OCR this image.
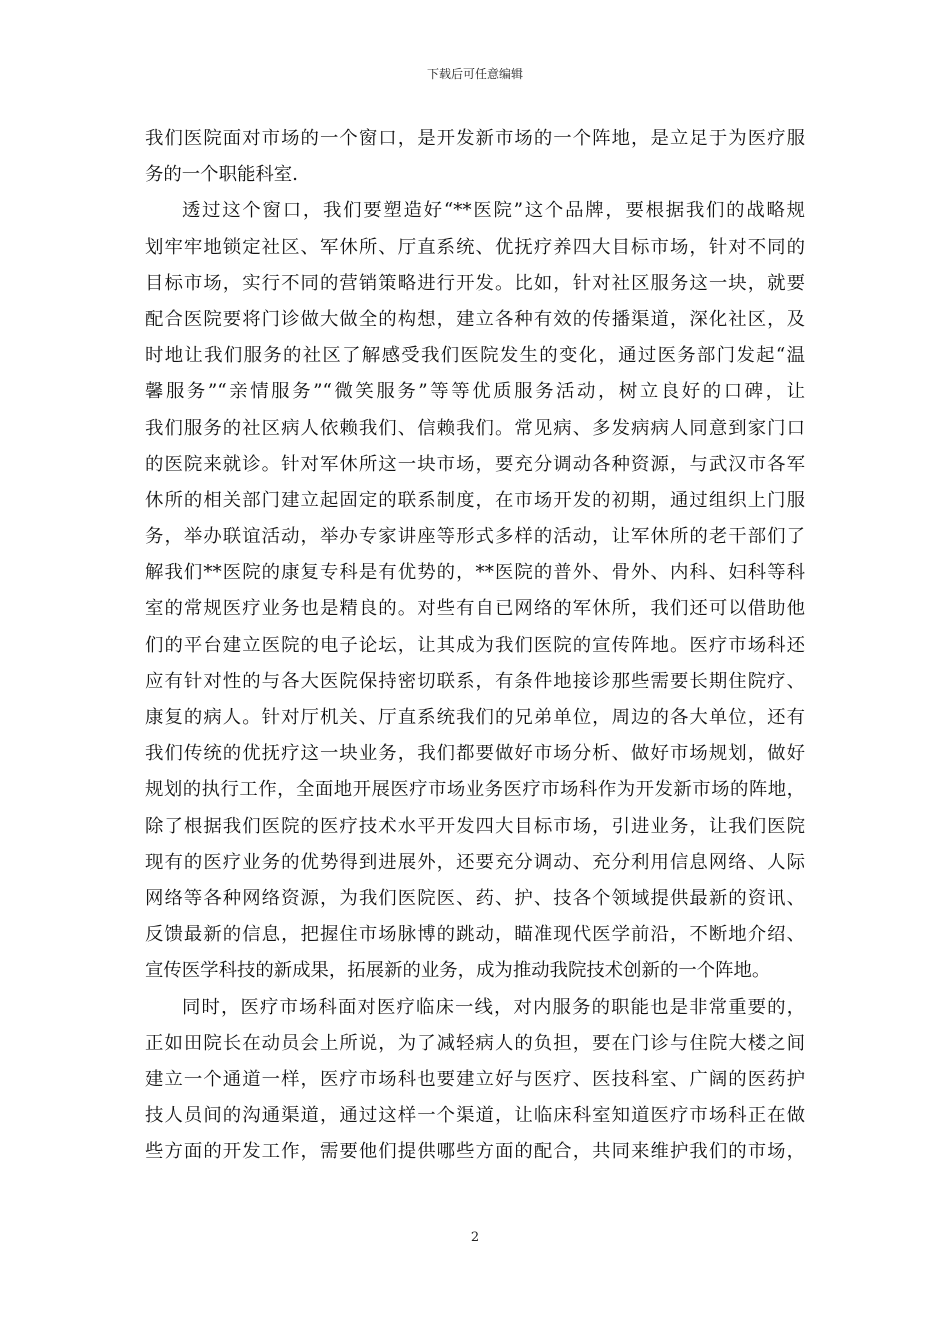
下载后可任意编辑
我们医院面对市场的一个窗口，是开发新市场的一个阵地，是立足于为医疗服
务的一个职能科室.
透过这个窗口，我们要塑造好“**医院”这个品牌，要根据我们的战略规
划牢牢地锁定社区、军休所、厅直系统、优抚疗养四大目标市场，针对不同的
目标市场，实行不同的营销策略进行开发。比如，针对社区服务这一块，就要
配合医院要将门诊做大做全的构想，建立各种有效的传播渠道，深化社区，及
时地让我们服务的社区了解感受我们医院发生的变化，通过医务部门发起“温
馨服务”“亲情服务”“微笑服务”等等优质服务活动，树立良好的口碑，让
我们服务的社区病人依赖我们、信赖我们。常见病、多发病病人同意到家门口
的医院来就诊。针对军休所这一块市场，要充分调动各种资源，与武汉市各军
休所的相关部门建立起固定的联系制度，在市场开发的初期，通过组织上门服
务，举办联谊活动，举办专家讲座等形式多样的活动，让军休所的老干部们了
解我们**医院的康复专科是有优势的，**医院的普外、骨外、内科、妇科等科
室的常规医疗业务也是精良的。对些有自已网络的军休所，我们还可以借助他
们的平台建立医院的电子论坛，让其成为我们医院的宣传阵地。医疗市场科还
应有针对性的与各大医院保持密切联系，有条件地接诊那些需要长期住院疗、
康复的病人。针对厅机关、厅直系统我们的兄弟单位，周边的各大单位，还有
我们传统的优抚疗这一块业务，我们都要做好市场分析、做好市场规划，做好
规划的执行工作，全面地开展医疗市场业务医疗市场科作为开发新市场的阵地，
除了根据我们医院的医疗技术水平开发四大目标市场，引进业务，让我们医院
现有的医疗业务的优势得到进展外，还要充分调动、充分利用信息网络、人际
网络等各种网络资源，为我们医院医、药、护、技各个领域提供最新的资讯、
反馈最新的信息，把握住市场脉博的跳动，瞄准现代医学前沿，不断地介绍、
宣传医学科技的新成果，拓展新的业务，成为推动我院技术创新的一个阵地。
同时，医疗市场科面对医疗临床一线，对内服务的职能也是非常重要的，
正如田院长在动员会上所说，为了减轻病人的负担，要在门诊与住院大楼之间
建立一个通道一样，医疗市场科也要建立好与医疗、医技科室、广阔的医药护
技人员间的沟通渠道，通过这样一个渠道，让临床科室知道医疗市场科正在做
些方面的开发工作，需要他们提供哪些方面的配合，共同来维护我们的市场，
2
